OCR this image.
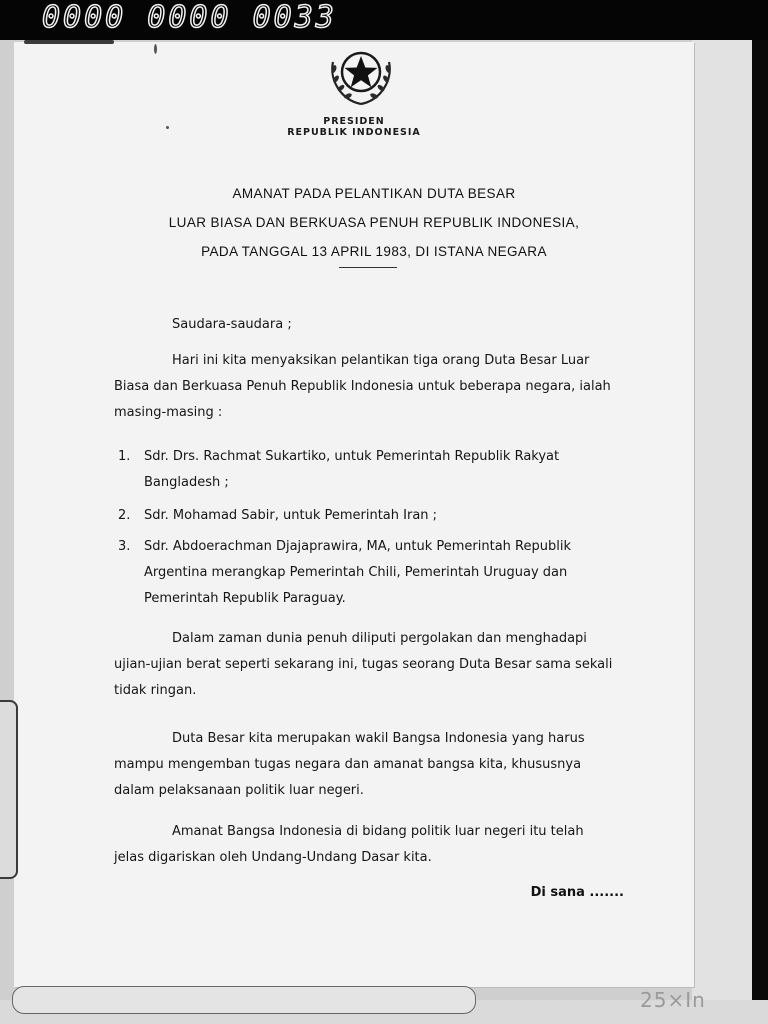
0000 0000 0033
PRESIDEN
REPUBLIK INDONESIA
AMANAT PADA PELANTIKAN DUTA BESAR
LUAR BIASA DAN BERKUASA PENUH REPUBLIK INDONESIA,
PADA TANGGAL 13 APRIL 1983, DI ISTANA NEGARA
Saudara-saudara ;
Hari ini kita menyaksikan pelantikan tiga orang Duta Besar Luar Biasa dan Berkuasa Penuh Republik Indonesia untuk beberapa negara, ialah masing-masing :
1.	Sdr. Drs. Rachmat Sukartiko, untuk Pemerintah Republik Rakyat Bangladesh ;
2.	Sdr. Mohamad Sabir, untuk Pemerintah Iran ;
3.	Sdr. Abdoerachman Djajaprawira, MA, untuk Pemerintah Republik Argentina merangkap Pemerintah Chili, Pemerintah Uruguay dan Pemerintah Republik Paraguay.
Dalam zaman dunia penuh diliputi pergolakan dan menghadapi ujian-ujian berat seperti sekarang ini, tugas seorang Duta Besar sama sekali tidak ringan.
Duta Besar kita merupakan wakil Bangsa Indonesia yang harus mampu mengemban tugas negara dan amanat bangsa kita, khususnya dalam pelaksanaan politik luar negeri.
Amanat Bangsa Indonesia di bidang politik luar negeri itu telah jelas digariskan oleh Undang-Undang Dasar kita.
Di sana .......
25×In
